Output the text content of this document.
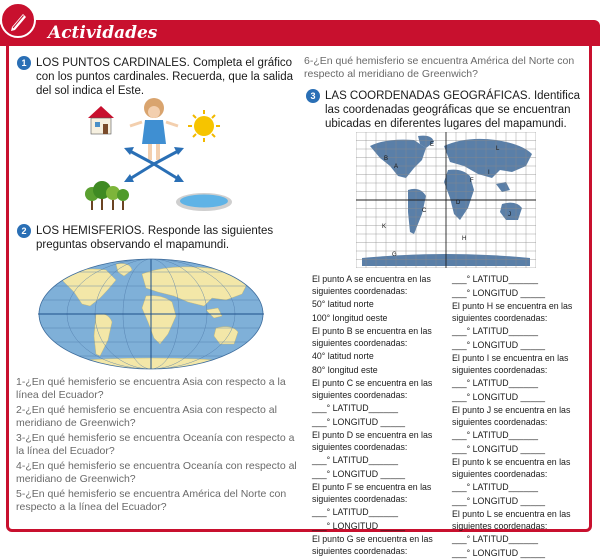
Actividades
1 LOS PUNTOS CARDINALES. Completa el gráfico con los puntos cardinales. Recuerda, que la salida del sol indica el Este.
2 LOS HEMISFERIOS. Responde las siguientes preguntas observando el mapamundi.
1-¿En qué hemisferio se encuentra Asia con respecto a la línea del Ecuador?
2-¿En qué hemisferio se encuentra Asia con respecto al meridiano de Greenwich?
3-¿En qué hemisferio se encuentra Oceanía con respecto a la línea del Ecuador?
4-¿En qué hemisferio se encuentra Oceanía con respecto al meridiano de Greenwich?
5-¿En qué hemisferio se encuentra América del Norte con respecto a la línea del Ecuador?
6-¿En qué hemisferio se encuentra América del Norte con respecto al meridiano de Greenwich?
3 LAS COORDENADAS GEOGRÁFICAS. Identifica las coordenadas geográficas que se encuentran ubicadas en diferentes lugares del mapamundi.
A
B
C
D
E
F
G
H
I
J
K
L
El punto A se encuentra en las siguientes coordenadas:
50° latitud norte
100° longitud oeste
El punto B se encuentra en las siguientes coordenadas:
40° latitud norte
80° longitud este
El punto C se encuentra en las siguientes coordenadas:
___° LATITUD______
___° LONGITUD _____
El punto D se encuentra en las siguientes coordenadas:
___° LATITUD______
___° LONGITUD _____
El punto F se encuentra en las siguientes coordenadas:
___° LATITUD______
___° LONGITUD _____
El punto G se encuentra en las siguientes coordenadas:
___° LATITUD______
___° LONGITUD _____
El punto H se encuentra en las siguientes coordenadas:
___° LATITUD______
___° LONGITUD _____
El punto I se encuentra en las siguientes coordenadas:
___° LATITUD______
___° LONGITUD _____
El punto J se encuentra en las siguientes coordenadas:
___° LATITUD______
___° LONGITUD _____
El punto k se encuentra en las siguientes coordenadas:
___° LATITUD______
___° LONGITUD _____
El punto L se encuentra en las siguientes coordenadas:
___° LATITUD______
___° LONGITUD _____
